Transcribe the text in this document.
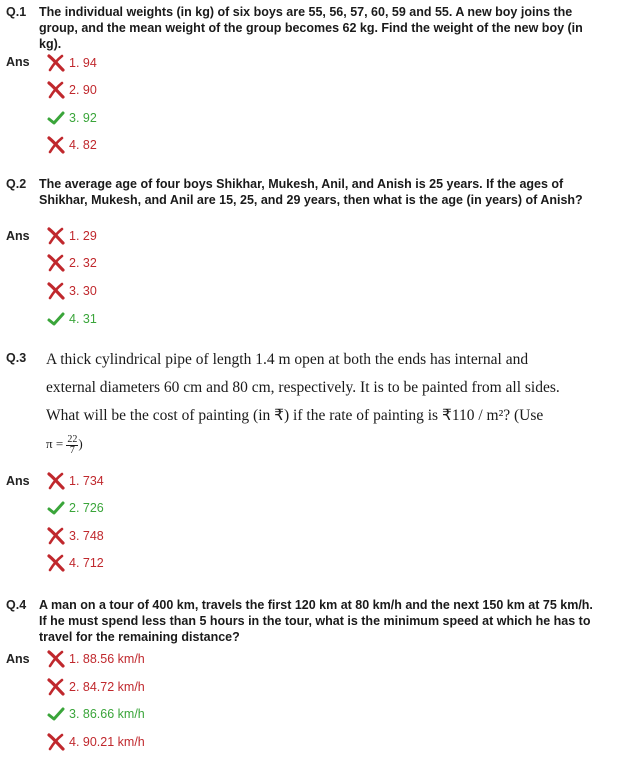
Q.1 The individual weights (in kg) of six boys are 55, 56, 57, 60, 59 and 55. A new boy joins the group, and the mean weight of the group becomes 62 kg. Find the weight of the new boy (in kg).
Ans	1. 94
2. 90
3. 92
4. 82
Q.2 The average age of four boys Shikhar, Mukesh, Anil, and Anish is 25 years. If the ages of Shikhar, Mukesh, and Anil are 15, 25, and 29 years, then what is the age (in years) of Anish?
Ans	1. 29
2. 32
3. 30
4. 31
Q.3 A thick cylindrical pipe of length 1.4 m open at both the ends has internal and
external diameters 60 cm and 80 cm, respectively. It is to be painted from all sides.
What will be the cost of painting (in ₹) if the rate of painting is ₹110 / m²? (Use
$\pi = \frac{22}{7}$ )
Ans	1. 734
2. 726
3. 748
4. 712
Q.4 A man on a tour of 400 km, travels the first 120 km at 80 km/h and the next 150 km at 75 km/h. If he must spend less than 5 hours in the tour, what is the minimum speed at which he has to travel for the remaining distance?
Ans	1. 88.56 km/h
2. 84.72 km/h
3. 86.66 km/h
4. 90.21 km/h
